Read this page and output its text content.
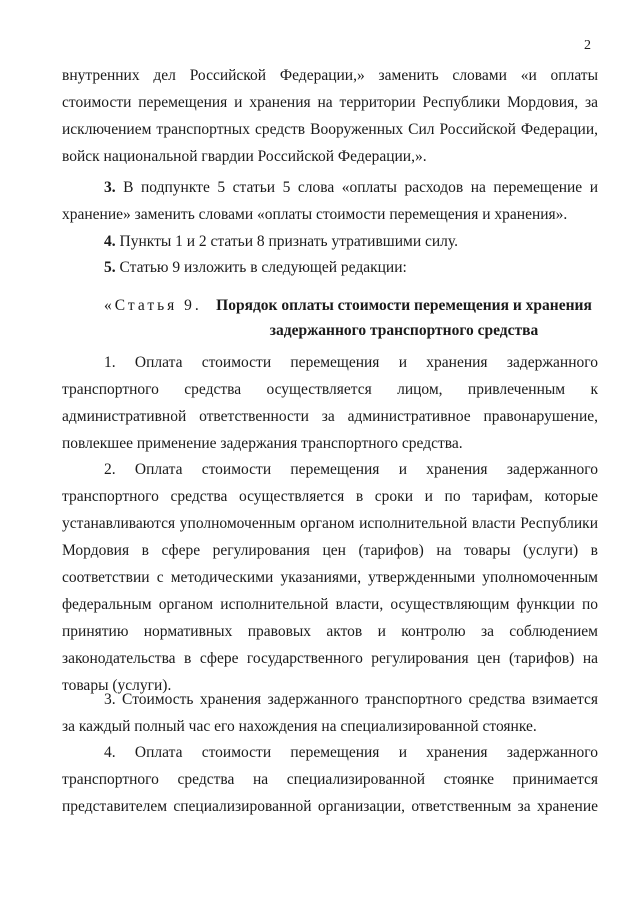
2
внутренних дел Российской Федерации,» заменить словами «и оплаты
стоимости перемещения и хранения на территории Республики Мордовия, за
исключением транспортных средств Вооруженных Сил Российской Федерации,
войск национальной гвардии Российской Федерации,».
3. В подпункте 5 статьи 5 слова «оплаты расходов на перемещение и
хранение» заменить словами «оплаты стоимости перемещения и хранения».
4. Пункты 1 и 2 статьи 8 признать утратившими силу.
5. Статью 9 изложить в следующей редакции:
«Статья 9. Порядок оплаты стоимости перемещения и хранения
задержанного транспортного средства
1. Оплата стоимости перемещения и хранения задержанного
транспортного средства осуществляется лицом, привлеченным к
административной ответственности за административное правонарушение,
повлекшее применение задержания транспортного средства.
2. Оплата стоимости перемещения и хранения задержанного
транспортного средства осуществляется в сроки и по тарифам, которые
устанавливаются уполномоченным органом исполнительной власти Республики
Мордовия в сфере регулирования цен (тарифов) на товары (услуги) в
соответствии с методическими указаниями, утвержденными уполномоченным
федеральным органом исполнительной власти, осуществляющим функции по
принятию нормативных правовых актов и контролю за соблюдением
законодательства в сфере государственного регулирования цен (тарифов) на
товары (услуги).
3. Стоимость хранения задержанного транспортного средства взимается
за каждый полный час его нахождения на специализированной стоянке.
4. Оплата стоимости перемещения и хранения задержанного
транспортного средства на специализированной стоянке принимается
представителем специализированной организации, ответственным за хранение
